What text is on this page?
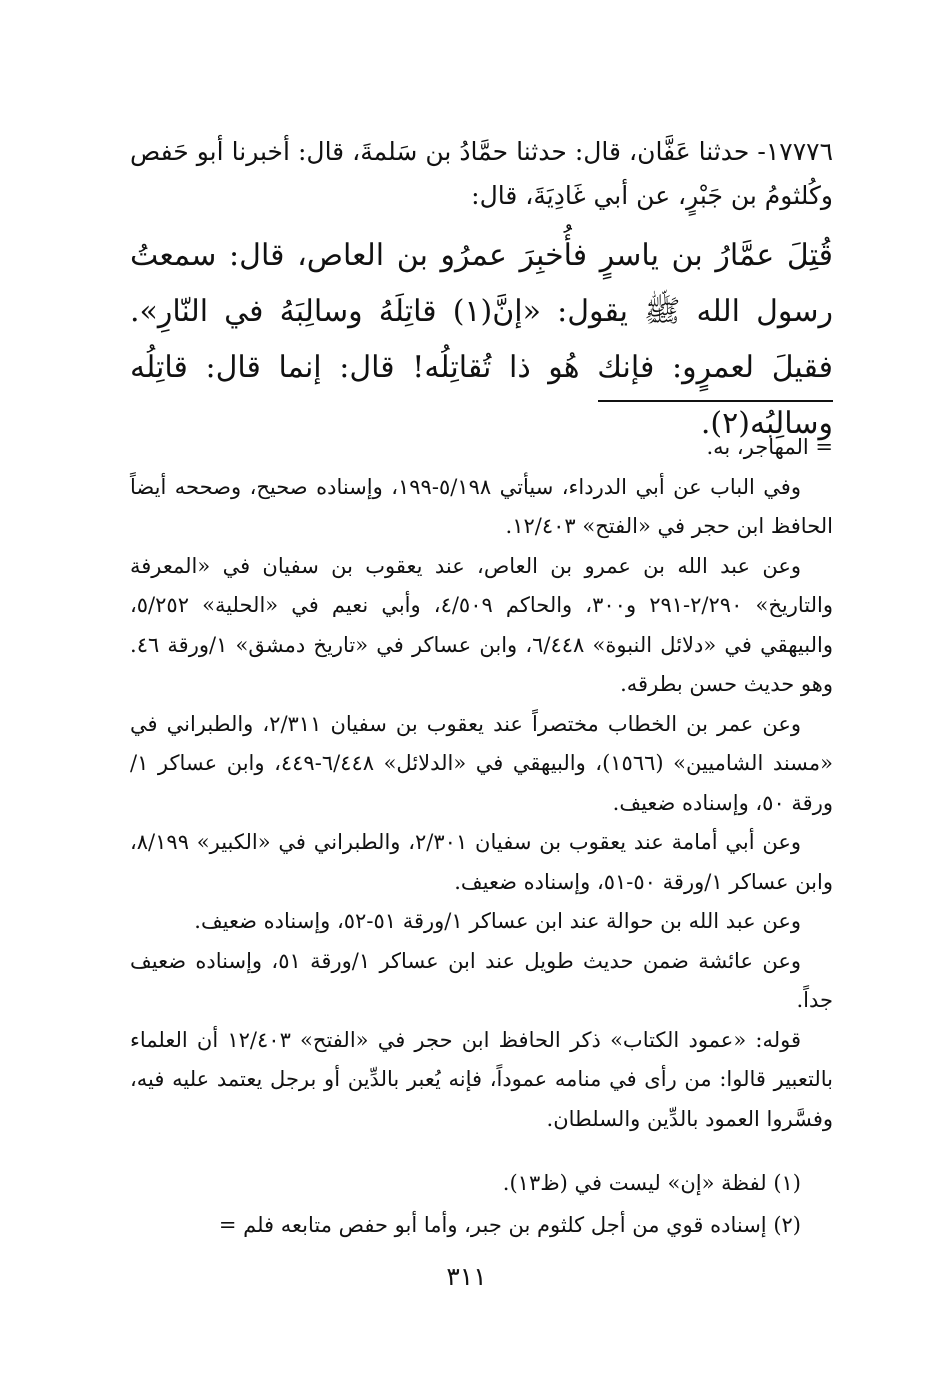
١٧٧٧٦- حدثنا عَفَّان، قال: حدثنا حمَّادُ بن سَلمةَ، قال: أخبرنا أبو حَفص وكُلثومُ بن جَبْرٍ، عن أبي غَادِيَةَ، قال:
قُتِلَ عمَّارُ بن ياسرٍ فأُخبِرَ عمرُو بن العاص، قال: سمعتُ رسول الله ﷺ يقول: «إنَّ(١) قاتِلَهُ وسالِبَهُ في النّارِ». فقيلَ لعمرٍو: فإنك هُو ذا تُقاتِلُه! قال: إنما قال: قاتِلُه وسالِبُه(٢).

= المهاجر، به.

وفي الباب عن أبي الدرداء، سيأتي ٥/١٩٨-١٩٩، وإسناده صحيح، وصححه أيضاً الحافظ ابن حجر في «الفتح» ١٢/٤٠٣.

وعن عبد الله بن عمرو بن العاص، عند يعقوب بن سفيان في «المعرفة والتاريخ» ٢/٢٩٠-٢٩١ و٣٠٠، والحاكم ٤/٥٠٩، وأبي نعيم في «الحلية» ٥/٢٥٢، والبيهقي في «دلائل النبوة» ٦/٤٤٨، وابن عساكر في «تاريخ دمشق» ١/ورقة ٤٦. وهو حديث حسن بطرقه.

وعن عمر بن الخطاب مختصراً عند يعقوب بن سفيان ٢/٣١١، والطبراني في «مسند الشاميين» (١٥٦٦)، والبيهقي في «الدلائل» ٦/٤٤٨-٤٤٩، وابن عساكر ١/ورقة ٥٠، وإسناده ضعيف.

وعن أبي أمامة عند يعقوب بن سفيان ٢/٣٠١، والطبراني في «الكبير» ٨/١٩٩، وابن عساكر ١/ورقة ٥٠-٥١، وإسناده ضعيف.

وعن عبد الله بن حوالة عند ابن عساكر ١/ورقة ٥١-٥٢، وإسناده ضعيف.

وعن عائشة ضمن حديث طويل عند ابن عساكر ١/ورقة ٥١، وإسناده ضعيف جداً.

قوله: «عمود الكتاب» ذكر الحافظ ابن حجر في «الفتح» ١٢/٤٠٣ أن العلماء بالتعبير قالوا: من رأى في منامه عموداً، فإنه يُعبر بالدِّين أو برجل يعتمد عليه فيه، وفسَّروا العمود بالدِّين والسلطان.

(١) لفظة «إن» ليست في (ظ١٣).

(٢) إسناده قوي من أجل كلثوم بن جبر، وأما أبو حفص متابعه فلم =

٣١١
